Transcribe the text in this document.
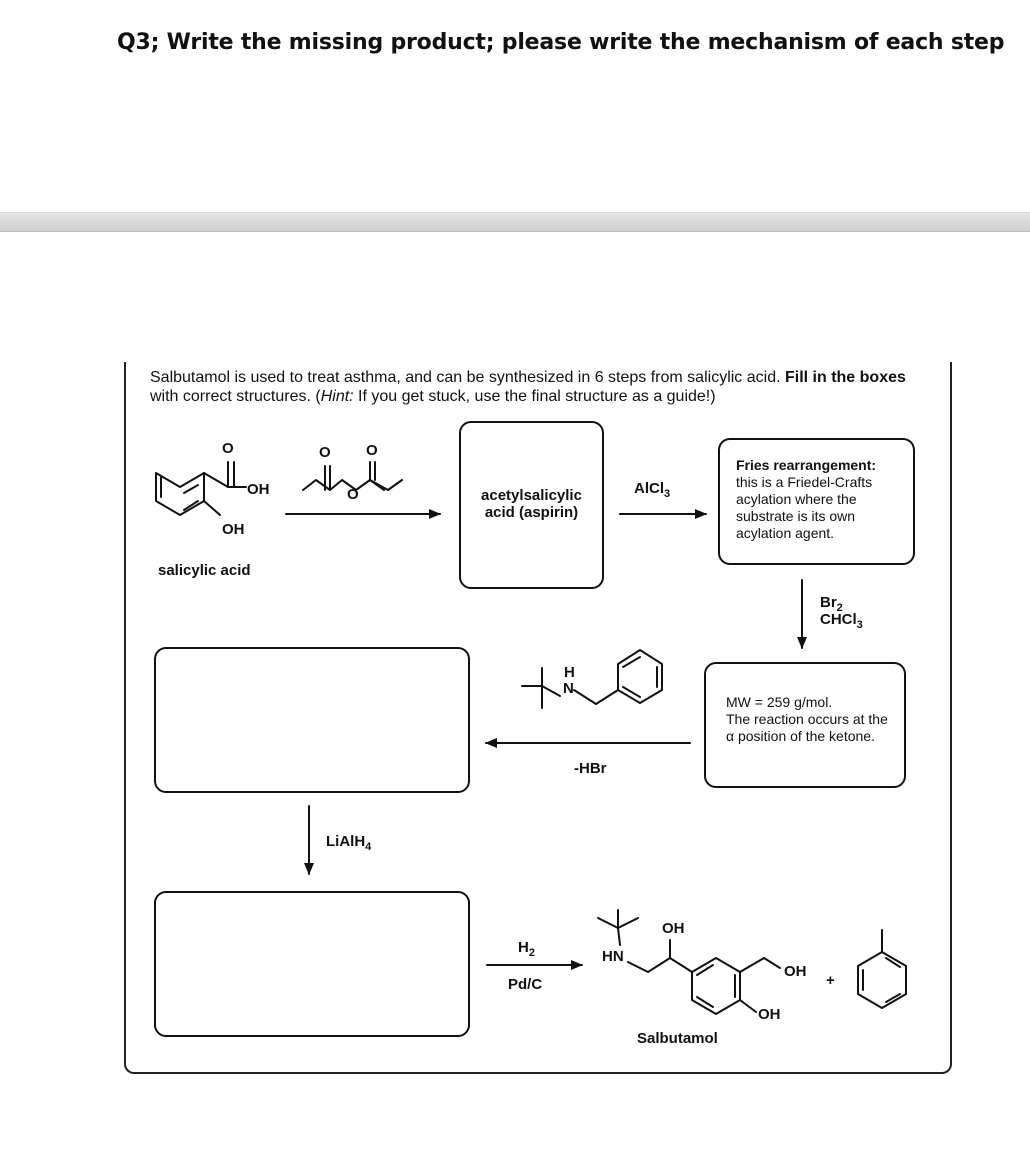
Q3; Write the missing product; please write the mechanism of each step
Salbutamol is used to treat asthma, and can be synthesized in 6 steps from salicylic acid. Fill in the boxes with correct structures. (Hint: If you get stuck, use the final structure as a guide!)
O
OH
OH
O O
O
H
N
HN
OH
OH
OH
salicylic acid
acetylsalicylic
acid (aspirin)
AlCl$_3$
Fries rearrangement:
this is a Friedel-Crafts acylation where the substrate is its own acylation agent.
$Br_2$
CHCl$_3$
MW = 259 g/mol.
The reaction occurs at the α position of the ketone.
-HBr
LiAlH$_4$
$H_2$
Pd/C	+
Salbutamol
